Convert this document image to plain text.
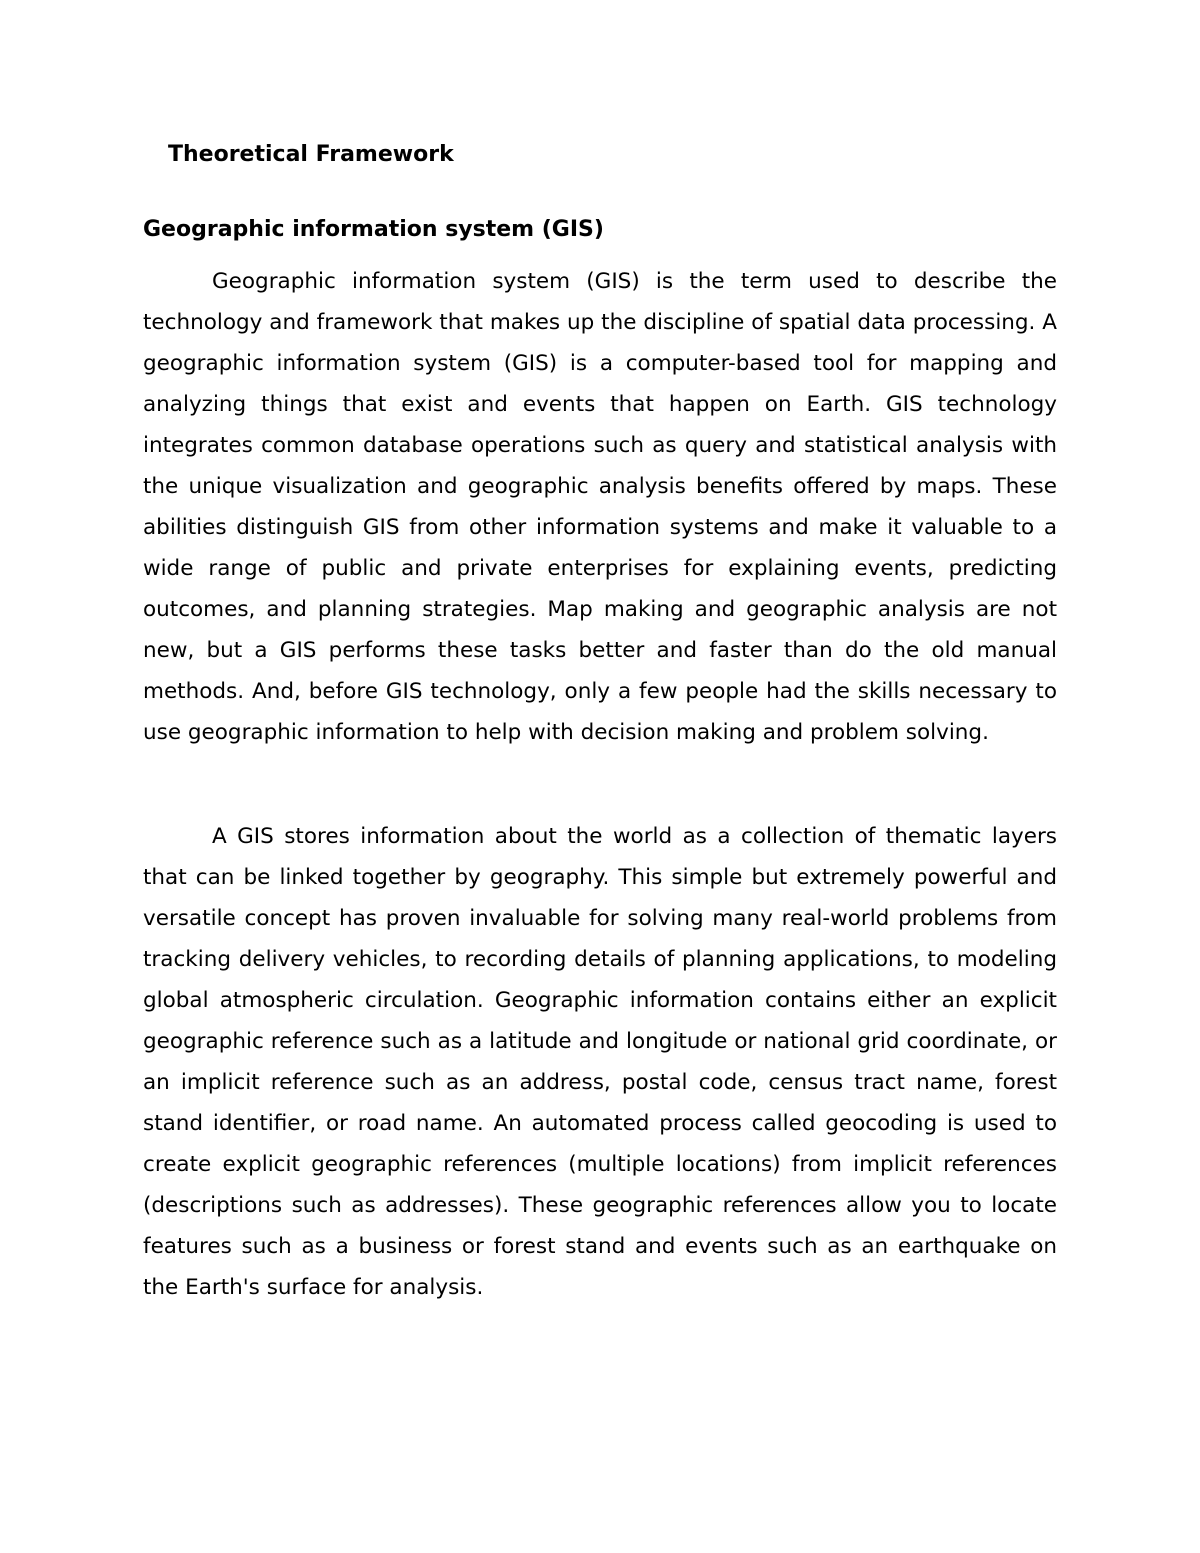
Theoretical Framework
Geographic information system (GIS)

Geographic information system (GIS) is the term used to describe the technology and framework that makes up the discipline of spatial data processing. A geographic information system (GIS) is a computer-based tool for mapping and analyzing things that exist and events that happen on Earth. GIS technology integrates common database operations such as query and statistical analysis with the unique visualization and geographic analysis benefits offered by maps. These abilities distinguish GIS from other information systems and make it valuable to a wide range of public and private enterprises for explaining events, predicting outcomes, and planning strategies. Map making and geographic analysis are not new, but a GIS performs these tasks better and faster than do the old manual methods. And, before GIS technology, only a few people had the skills necessary to use geographic information to help with decision making and problem solving.

A GIS stores information about the world as a collection of thematic layers that can be linked together by geography. This simple but extremely powerful and versatile concept has proven invaluable for solving many real-world problems from tracking delivery vehicles, to recording details of planning applications, to modeling global atmospheric circulation. Geographic information contains either an explicit geographic reference such as a latitude and longitude or national grid coordinate, or an implicit reference such as an address, postal code, census tract name, forest stand identifier, or road name. An automated process called geocoding is used to create explicit geographic references (multiple locations) from implicit references (descriptions such as addresses). These geographic references allow you to locate features such as a business or forest stand and events such as an earthquake on the Earth's surface for analysis.
